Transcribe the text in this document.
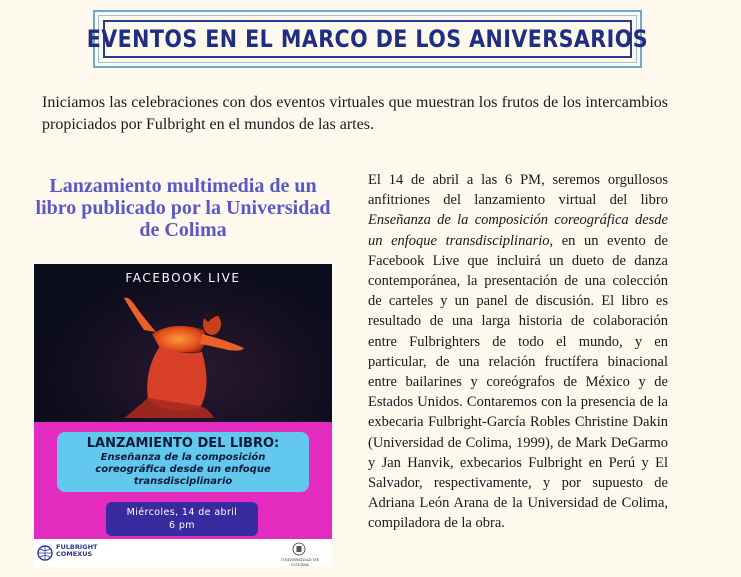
EVENTOS EN EL MARCO DE LOS ANIVERSARIOS

Iniciamos las celebraciones con dos eventos virtuales que muestran los frutos de los intercambios propiciados por Fulbright en el mundos de las artes.

Lanzamiento multimedia de un libro publicado por la Universidad de Colima
FACEBOOK LIVE
LANZAMIENTO DEL LIBRO:
Enseñanza de la composición coreográfica desde un enfoque transdisciplinario
Miércoles, 14 de abril
6 pm
FULBRIGHT
COMEXUS
UNIVERSIDAD DE COLIMA

El 14 de abril a las 6 PM, seremos orgullosos anfitriones del lanzamiento virtual del libro Enseñanza de la composición coreográfica desde un enfoque transdisciplinario, en un evento de Facebook Live que incluirá un dueto de danza contemporánea, la presentación de una colección de carteles y un panel de discusión. El libro es resultado de una larga historia de colaboración entre Fulbrighters de todo el mundo, y en particular, de una relación fructífera binacional entre bailarines y coreógrafos de México y de Estados Unidos. Contaremos con la presencia de la exbecaria Fulbright-García Robles Christine Dakin (Universidad de Colima, 1999), de Mark DeGarmo y Jan Hanvik, exbecarios Fulbright en Perú y El Salvador, respectivamente, y por supuesto de Adriana León Arana de la Universidad de Colima, compiladora de la obra.
